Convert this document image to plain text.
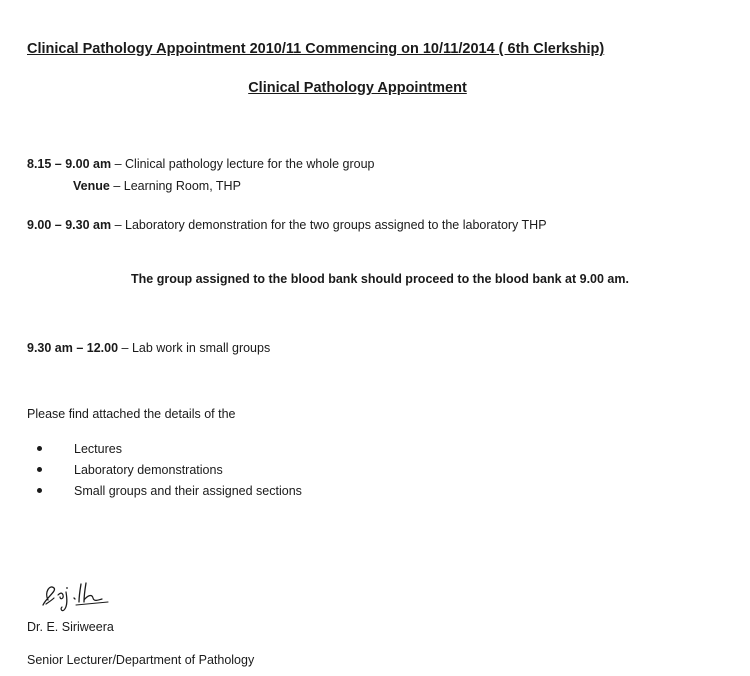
Clinical Pathology Appointment 2010/11 Commencing on 10/11/2014 ( 6th Clerkship)
Clinical Pathology Appointment
8.15 – 9.00 am – Clinical pathology lecture for the whole group
Venue – Learning Room, THP
9.00 – 9.30 am – Laboratory demonstration for the two groups assigned to the laboratory THP
The group assigned to the blood bank should proceed to the blood bank at 9.00 am.
9.30 am – 12.00 – Lab work in small groups
Please find attached the details of the
Lectures
Laboratory demonstrations
Small groups and their assigned sections
Dr. E. Siriweera
Senior Lecturer/Department of Pathology
